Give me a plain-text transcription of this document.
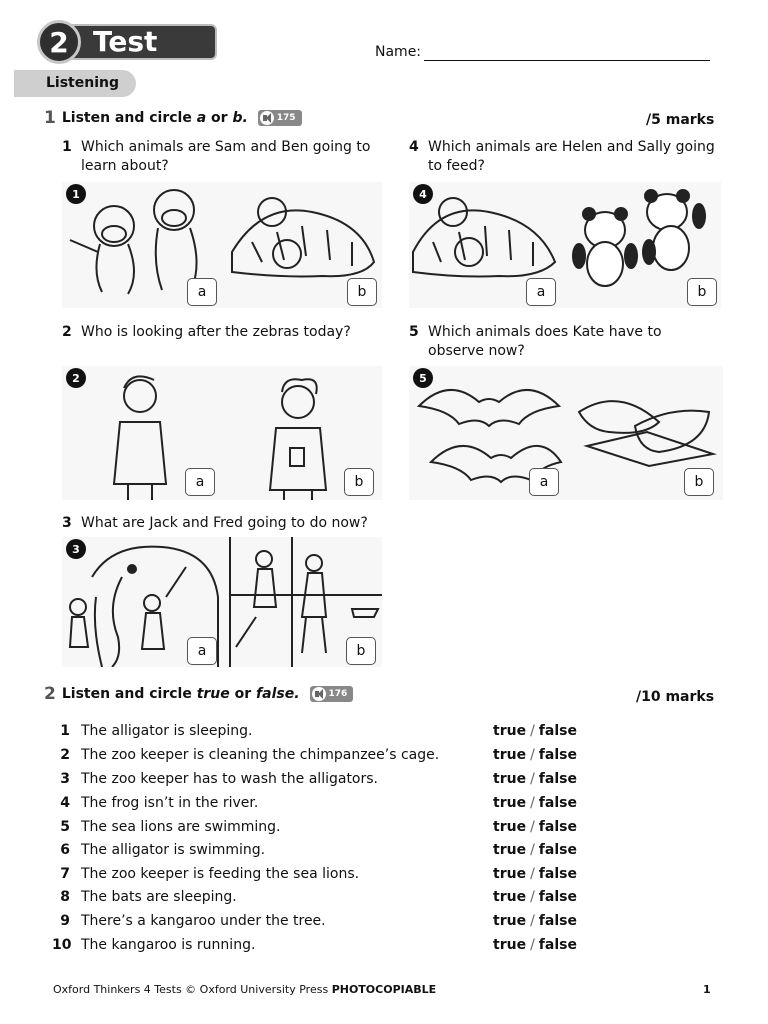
Test
2	Name:
Listening
1 Listen and circle a or b.	175	/5 marks
1 Which animals are Sam and Ben going to learn about?
1
a	b
4 Which animals are Helen and Sally going to feed?
4
a	b
2 Who is looking after the zebras today?
2
a	b
5 Which animals does Kate have to observe now?
5
a	b
3 What are Jack and Fred going to do now?
3
a	b
2 Listen and circle true or false.	176	/10 marks
1 The alligator is sleeping.	true / false
2 The zoo keeper is cleaning the chimpanzee’s cage.	true / false
3 The zoo keeper has to wash the alligators.	true / false
4 The frog isn’t in the river.	true / false
5 The sea lions are swimming.	true / false
6 The alligator is swimming.	true / false
7 The zoo keeper is feeding the sea lions.	true / false
8 The bats are sleeping.	true / false
9 There’s a kangaroo under the tree.	true / false
10 The kangaroo is running.	true / false
Oxford Thinkers 4 Tests © Oxford University Press PHOTOCOPIABLE	1
